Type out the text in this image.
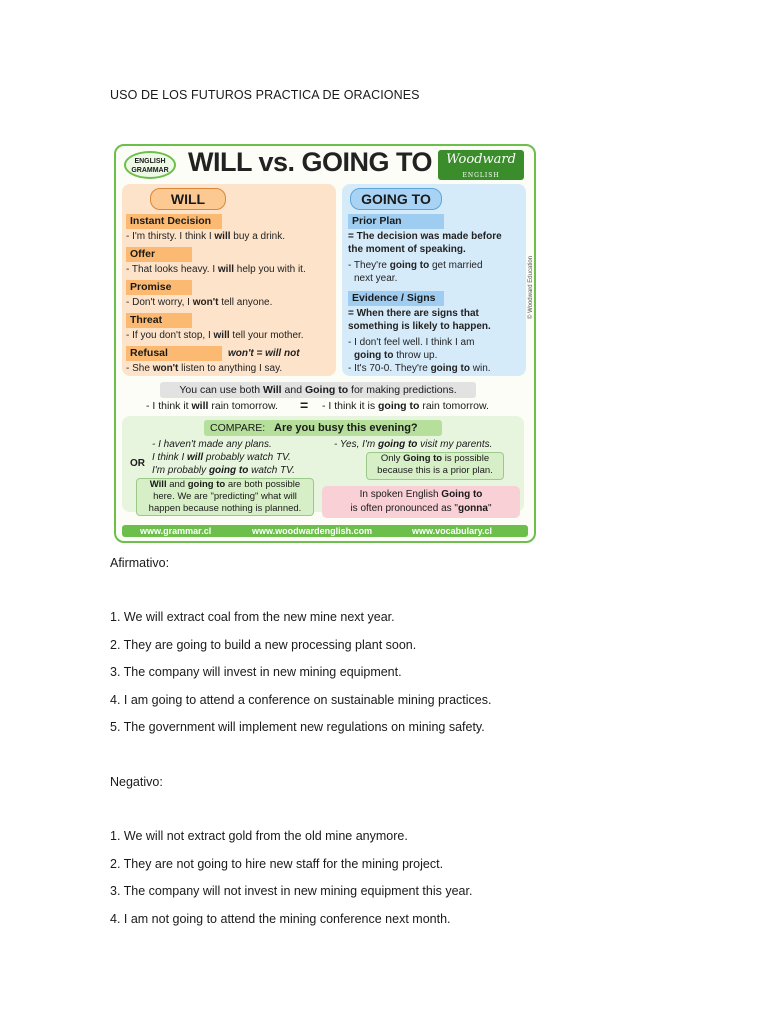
USO DE LOS FUTUROS PRACTICA DE ORACIONES
ENGLISH
GRAMMAR WILL vs. GOING TO	Woodward
ENGLISH
WILL
Instant Decision
- I'm thirsty. I think I will buy a drink.
Offer
- That looks heavy. I will help you with it.
Promise
- Don't worry, I won't tell anyone.
Threat
- If you don't stop, I will tell your mother.
Refusal	won't = will not
- She won't listen to anything I say.
GOING TO
Prior Plan
= The decision was made before
the moment of speaking.
- They're going to get married
next year.
Evidence / Signs
= When there are signs that
something is likely to happen.
- I don't feel well. I think I am
going to throw up.
- It's 70-0. They're going to win.
© Woodward Education
You can use both Will and Going to for making predictions.
- I think it will rain tomorrow. = - I think it is going to rain tomorrow.
COMPARE: Are you busy this evening?
- I haven't made any plans.
I think I will probably watch TV.
OR
I'm probably going to watch TV.
- Yes, I'm going to visit my parents.
Only Going to is possible
because this is a prior plan.
Will and going to are both possible
here. We are "predicting" what will
happen because nothing is planned.
In spoken English Going to
is often pronounced as "gonna"
www.grammar.cl	www.woodwardenglish.com	www.vocabulary.cl
Afirmativo:
1. We will extract coal from the new mine next year.
2. They are going to build a new processing plant soon.
3. The company will invest in new mining equipment.
4. I am going to attend a conference on sustainable mining practices.
5. The government will implement new regulations on mining safety.
Negativo:
1. We will not extract gold from the old mine anymore.
2. They are not going to hire new staff for the mining project.
3. The company will not invest in new mining equipment this year.
4. I am not going to attend the mining conference next month.
